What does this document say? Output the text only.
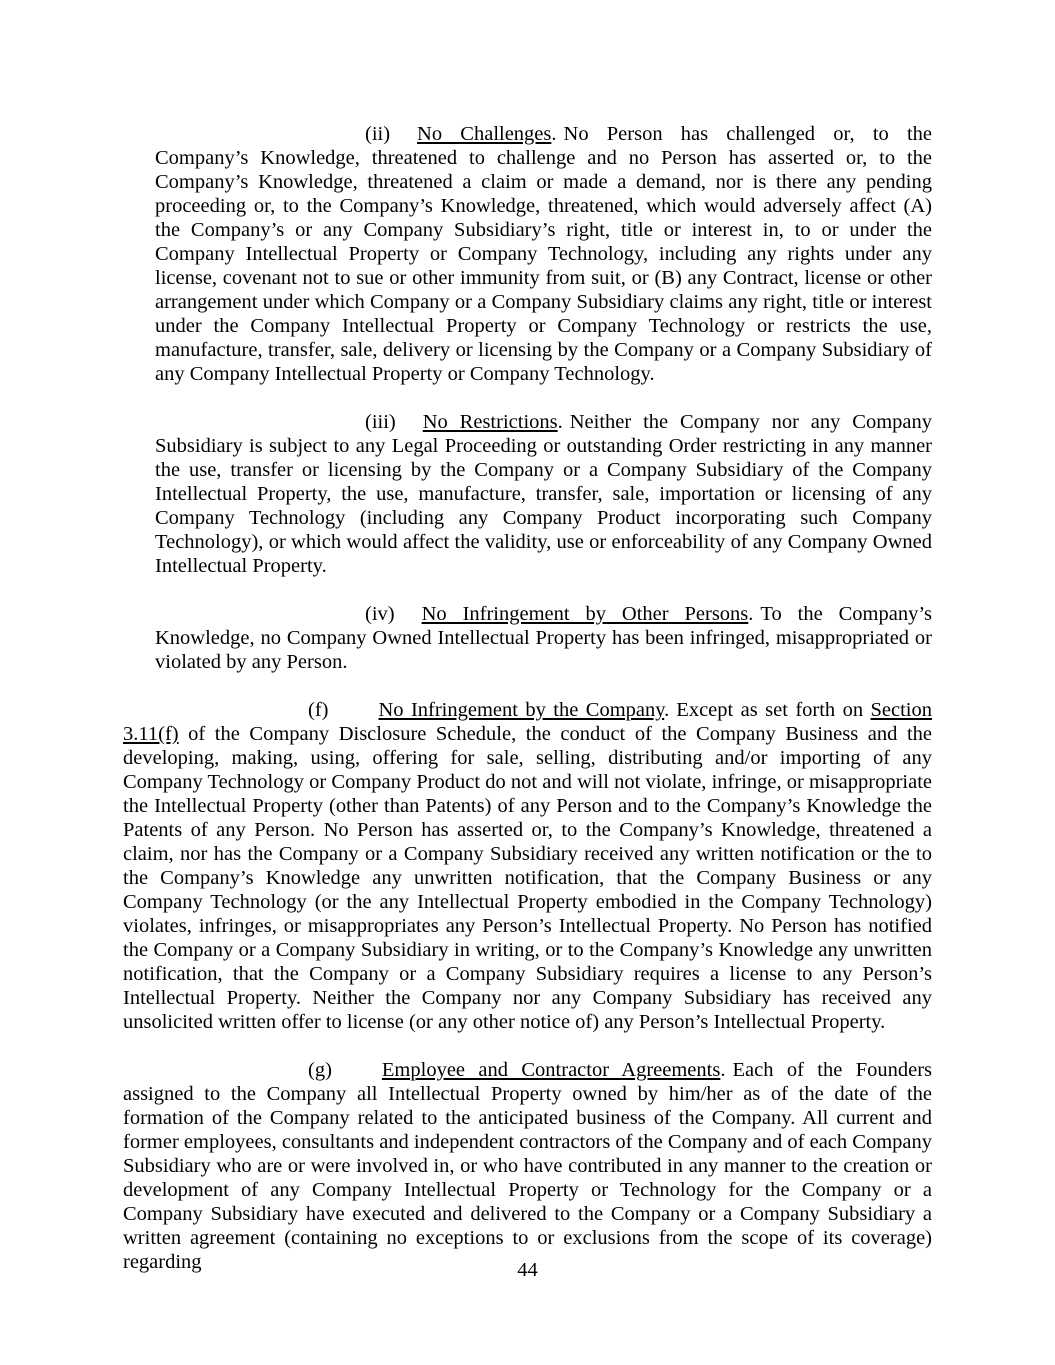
(ii) No Challenges. No Person has challenged or, to the Company’s Knowledge, threatened to challenge and no Person has asserted or, to the Company’s Knowledge, threatened a claim or made a demand, nor is there any pending proceeding or, to the Company’s Knowledge, threatened, which would adversely affect (A) the Company’s or any Company Subsidiary’s right, title or interest in, to or under the Company Intellectual Property or Company Technology, including any rights under any license, covenant not to sue or other immunity from suit, or (B) any Contract, license or other arrangement under which Company or a Company Subsidiary claims any right, title or interest under the Company Intellectual Property or Company Technology or restricts the use, manufacture, transfer, sale, delivery or licensing by the Company or a Company Subsidiary of any Company Intellectual Property or Company Technology.

(iii) No Restrictions. Neither the Company nor any Company Subsidiary is subject to any Legal Proceeding or outstanding Order restricting in any manner the use, transfer or licensing by the Company or a Company Subsidiary of the Company Intellectual Property, the use, manufacture, transfer, sale, importation or licensing of any Company Technology (including any Company Product incorporating such Company Technology), or which would affect the validity, use or enforceability of any Company Owned Intellectual Property.

(iv) No Infringement by Other Persons. To the Company’s Knowledge, no Company Owned Intellectual Property has been infringed, misappropriated or violated by any Person.

(f) No Infringement by the Company. Except as set forth on Section 3.11(f) of the Company Disclosure Schedule, the conduct of the Company Business and the developing, making, using, offering for sale, selling, distributing and/or importing of any Company Technology or Company Product do not and will not violate, infringe, or misappropriate the Intellectual Property (other than Patents) of any Person and to the Company’s Knowledge the Patents of any Person. No Person has asserted or, to the Company’s Knowledge, threatened a claim, nor has the Company or a Company Subsidiary received any written notification or the to the Company’s Knowledge any unwritten notification, that the Company Business or any Company Technology (or the any Intellectual Property embodied in the Company Technology) violates, infringes, or misappropriates any Person’s Intellectual Property. No Person has notified the Company or a Company Subsidiary in writing, or to the Company’s Knowledge any unwritten notification, that the Company or a Company Subsidiary requires a license to any Person’s Intellectual Property. Neither the Company nor any Company Subsidiary has received any unsolicited written offer to license (or any other notice of) any Person’s Intellectual Property.

(g) Employee and Contractor Agreements. Each of the Founders assigned to the Company all Intellectual Property owned by him/her as of the date of the formation of the Company related to the anticipated business of the Company. All current and former employees, consultants and independent contractors of the Company and of each Company Subsidiary who are or were involved in, or who have contributed in any manner to the creation or development of any Company Intellectual Property or Technology for the Company or a Company Subsidiary have executed and delivered to the Company or a Company Subsidiary a written agreement (containing no exceptions to or exclusions from the scope of its coverage) regarding	44
